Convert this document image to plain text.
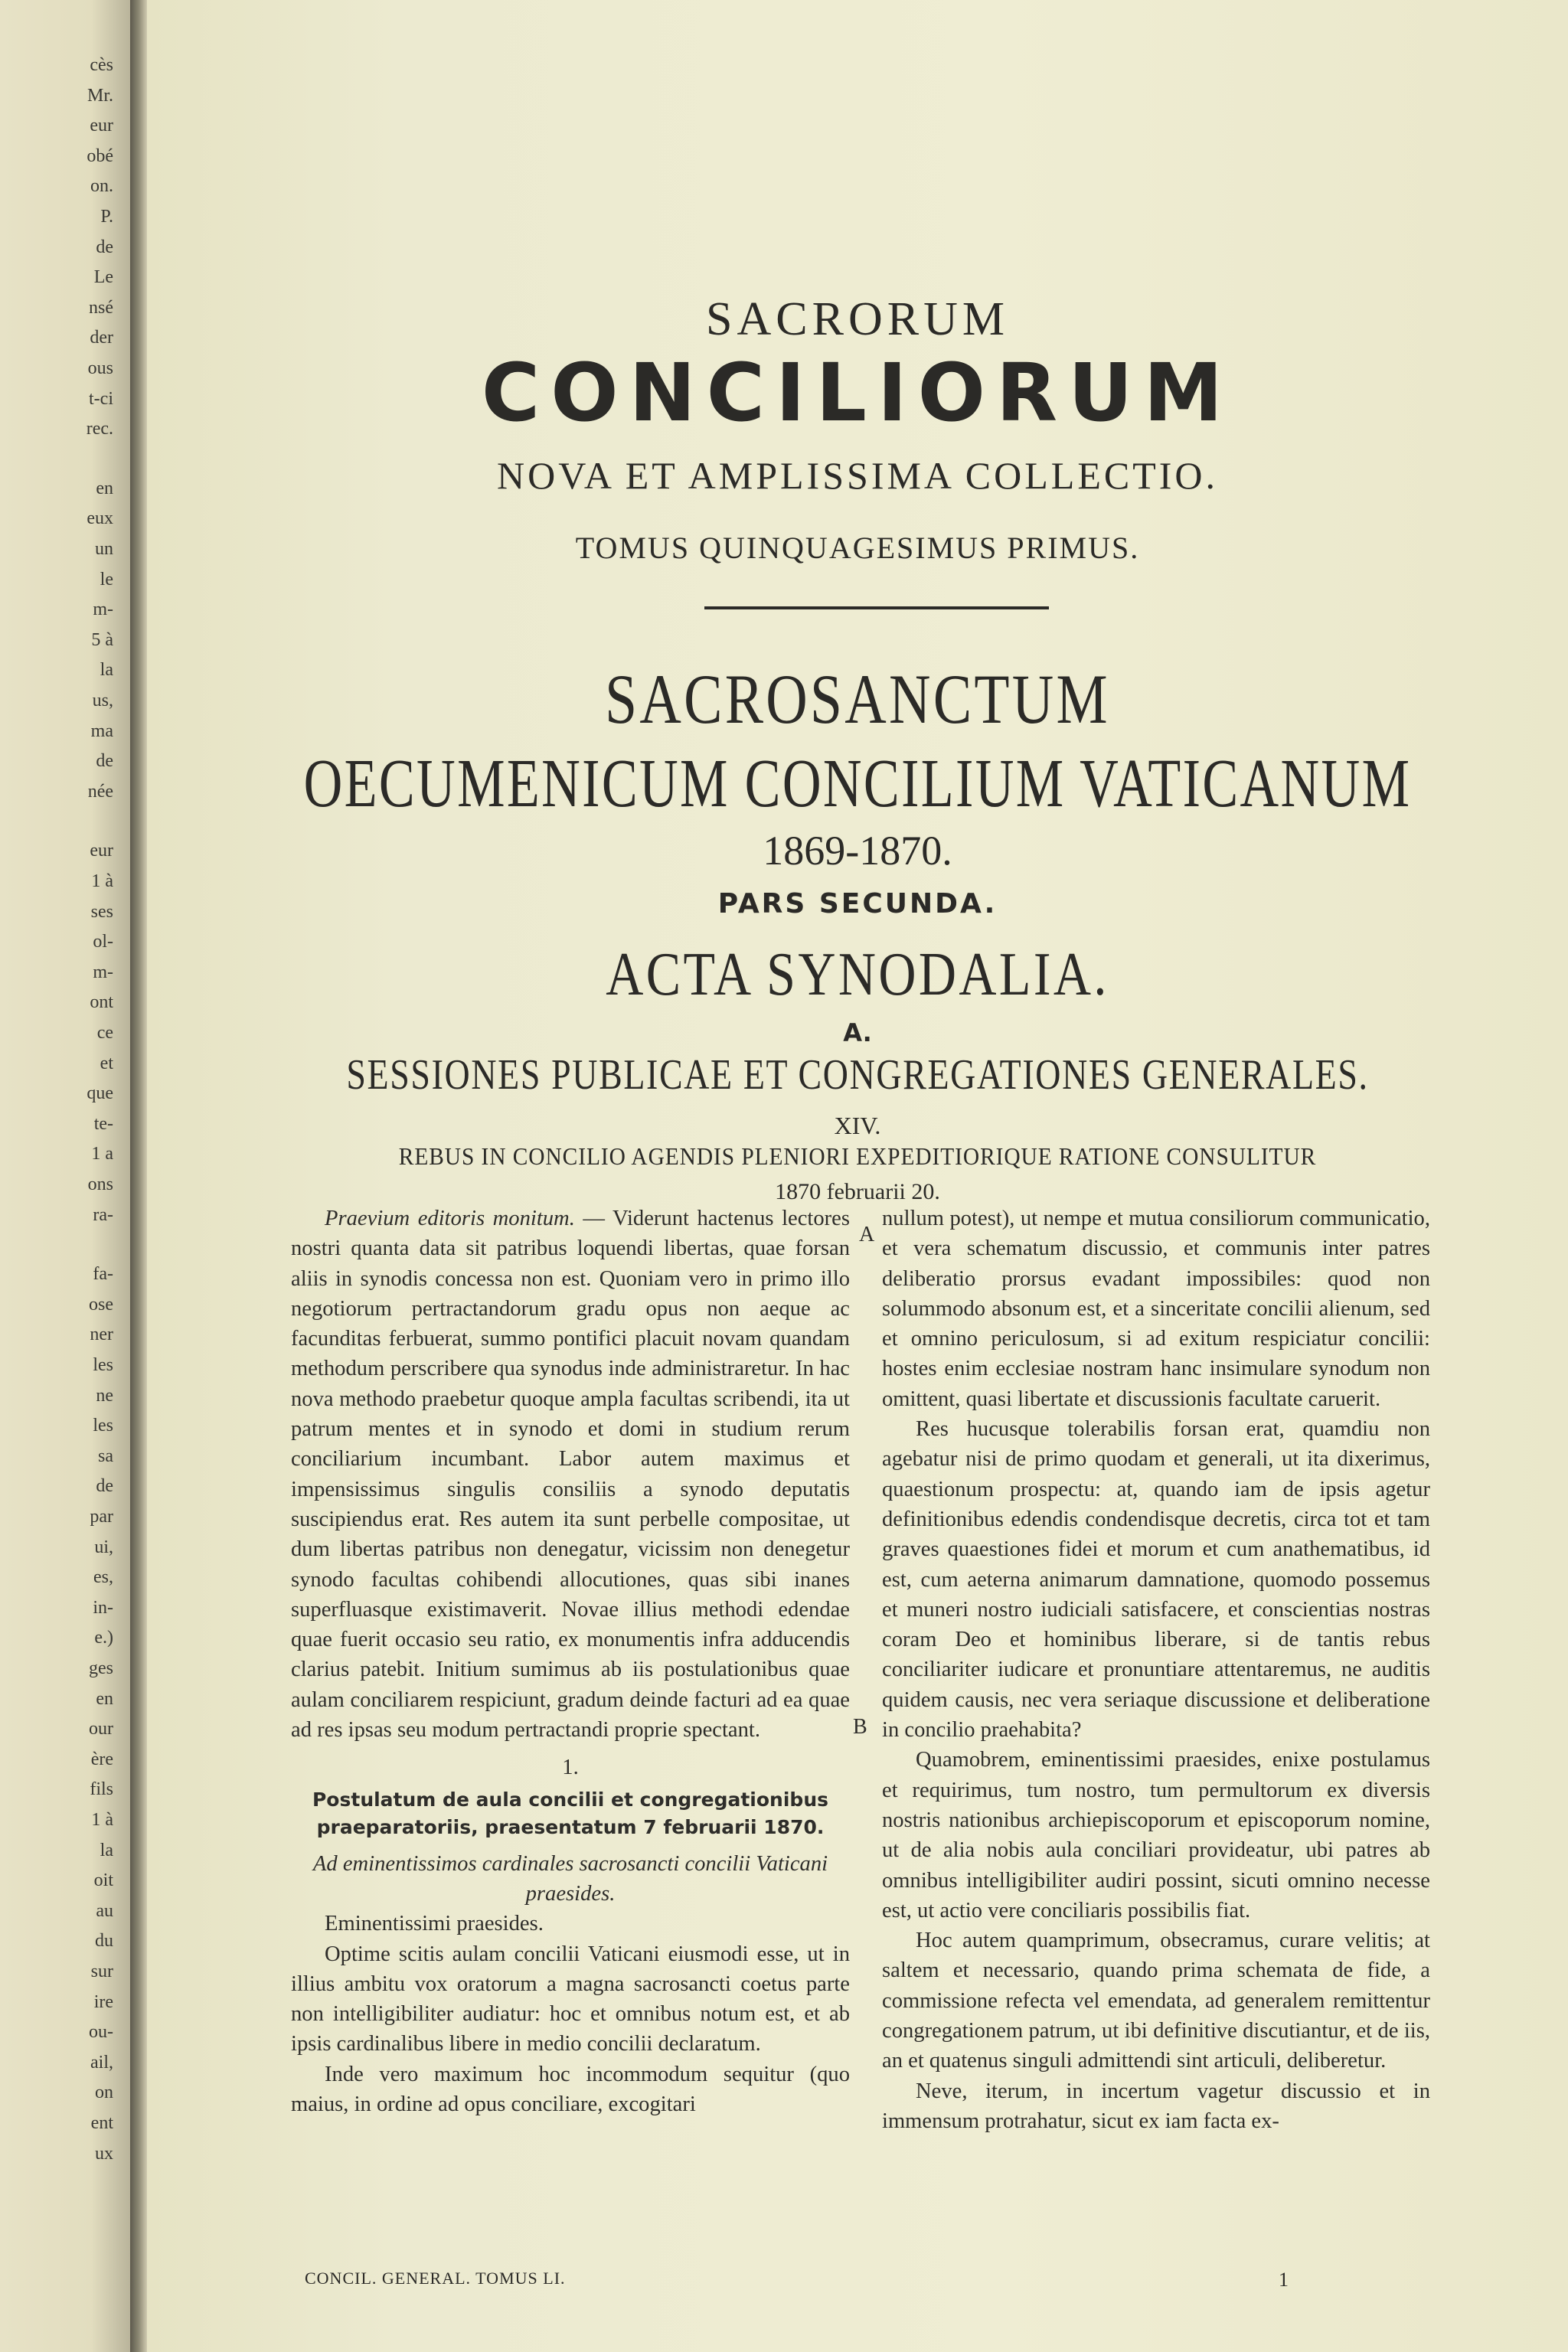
cès
Mr.
eur
obé
on.
P.
de
Le
nsé
der
ous
t-ci
rec.
en
eux
un
le
m-
5 à
la
us,
ma
de
née
eur
1 à
ses
ol-
m-
ont
ce
et
que
te-
1 a
ons
ra-
fa-
ose
ner
les
ne
les
sa
de
par
ui,
es,
in-
e.)
ges
en
our
ère
fils
1 à
la
oit
au
du
sur
ire
ou-
ail,
on
ent
ux
SACRORUM
CONCILIORUM
NOVA ET AMPLISSIMA COLLECTIO.
TOMUS QUINQUAGESIMUS PRIMUS.
SACROSANCTUM
OECUMENICUM CONCILIUM VATICANUM
1869-1870.
PARS SECUNDA.
ACTA SYNODALIA.
A.
SESSIONES PUBLICAE ET CONGREGATIONES GENERALES.
XIV.
REBUS IN CONCILIO AGENDIS PLENIORI EXPEDITIORIQUE RATIONE CONSULITUR
1870 februarii 20.

Praevium editoris monitum. — Viderunt hactenus lectores nostri quanta data sit patribus loquendi libertas, quae forsan aliis in synodis concessa non est. Quoniam vero in primo illo negotiorum pertractandorum gradu opus non aeque ac facunditas ferbuerat, summo pontifici placuit novam quandam methodum perscribere qua synodus inde administraretur. In hac nova methodo praebetur quoque ampla facultas scribendi, ita ut patrum mentes et in synodo et domi in studium rerum conciliarium incumbant. Labor autem maximus et impensissimus singulis consiliis a synodo deputatis suscipiendus erat. Res autem ita sunt perbelle compositae, ut dum libertas patribus non denegatur, vicissim non denegetur synodo facultas cohibendi allocutiones, quas sibi inanes superfluasque existimaverit. Novae illius methodi edendae quae fuerit occasio seu ratio, ex monumentis infra adducendis clarius patebit. Initium sumimus ab iis postulationibus quae aulam conciliarem respiciunt, gradum deinde facturi ad ea quae ad res ipsas seu modum pertractandi proprie spectant.

1.

Postulatum de aula concilii et congregationibus praeparatoriis, praesentatum 7 februarii 1870.

Ad eminentissimos cardinales sacrosancti concilii Vaticani praesides.

Eminentissimi praesides.

Optime scitis aulam concilii Vaticani eiusmodi esse, ut in illius ambitu vox oratorum a magna sacrosancti coetus parte non intelligibiliter audiatur: hoc et omnibus notum est, et ab ipsis cardinalibus libere in medio concilii declaratum.

Inde vero maximum hoc incommodum sequitur (quo maius, in ordine ad opus conciliare, excogitari

A
B

nullum potest), ut nempe et mutua consiliorum communicatio, et vera schematum discussio, et communis inter patres deliberatio prorsus evadant impossibiles: quod non solummodo absonum est, et a sinceritate concilii alienum, sed et omnino periculosum, si ad exitum respiciatur concilii: hostes enim ecclesiae nostram hanc insimulare synodum non omittent, quasi libertate et discussionis facultate caruerit.

Res hucusque tolerabilis forsan erat, quamdiu non agebatur nisi de primo quodam et generali, ut ita dixerimus, quaestionum prospectu: at, quando iam de ipsis agetur definitionibus edendis condendisque decretis, circa tot et tam graves quaestiones fidei et morum et cum anathematibus, id est, cum aeterna animarum damnatione, quomodo possemus et muneri nostro iudiciali satisfacere, et conscientias nostras coram Deo et hominibus liberare, si de tantis rebus conciliariter iudicare et pronuntiare attentaremus, ne auditis quidem causis, nec vera seriaque discussione et deliberatione in concilio praehabita?

Quamobrem, eminentissimi praesides, enixe postulamus et requirimus, tum nostro, tum permultorum ex diversis nostris nationibus archiepiscoporum et episcoporum nomine, ut de alia nobis aula conciliari provideatur, ubi patres ab omnibus intelligibiliter audiri possint, sicuti omnino necesse est, ut actio vere conciliaris possibilis fiat.

Hoc autem quamprimum, obsecramus, curare velitis; at saltem et necessario, quando prima schemata de fide, a commissione refecta vel emendata, ad generalem remittentur congregationem patrum, ut ibi definitive discutiantur, et de iis, an et quatenus singuli admittendi sint articuli, deliberetur.

Neve, iterum, in incertum vagetur discussio et in immensum protrahatur, sicut ex iam facta ex-

CONCIL. GENERAL. TOMUS LI.	1
